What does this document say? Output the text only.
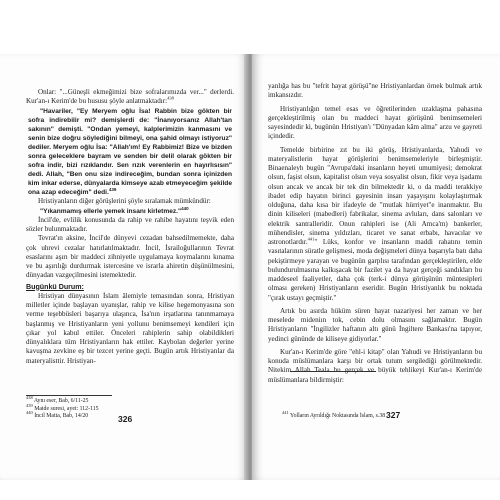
Onlar: "...Güneşli ekmeğimizi bize sofralarımızda ver..." derlerdi. Kur'an-ı Kerim'de bu hususu şöyle anlatmaktadır:$^{438}$

"Havariler, "Ey Meryem oğlu İsa! Rabbin bize gökten bir sofra indirebilir mi? demişlerdi de: "İnanıyorsanız Allah'tan sakının" demişti. "Ondan yemeyi, kalplerimizin kanmasını ve senin bize doğru söylediğini bilmeyi, ona şahid olmayı istiyoruz" dediler. Meryem oğlu İsa: "Allah'ım! Ey Rabbimiz! Bize ve bizden sonra geleceklere bayram ve senden bir delil olarak gökten bir sofra indir, bizi rızıklandır. Sen rızık verenlerin en hayırlısısın" dedi. Allah, "Ben onu size indireceğim, bundan sonra içinizden kim inkar ederse, dünyalarda kimseye azab etmeyeceğim şekilde ona azap edeceğim" dedi.$^{439}$

Hristiyanların diğer görüşlerini şöyle sıralamak mümkündür:

"Yıkanmamış ellerle yemek insanı kirletmez."$^{440}$

İncil'de, evlilik konusunda da rahip ve rahibe hayatını teşvik eden sözler bulunmaktadır.

Tevrat'ın aksine, İncil'de dünyevi cezadan bahsedilmemekte, daha çok uhrevi cezalar hatırlatılmaktadır. İncil, İsrailoğullarının Tevrat esaslarını aşırı bir maddeci zihniyetle uygulamaya koymalarını kınama ve bu aşırılığı durdurmak istercesine ve israrla ahiretin düşünülmesini, dünyadan vazgeçilmesini istemektedir.

Bugünkü Durum:

Hristiyan dünyasının İslam âlemiyle temasından sonra, Hristiyan milletler içinde başlayan uyanışlar, rahip ve kilise hegemonyasına son verme teşebbüsleri başarıya ulaşınca, İsa'nın irşatlarına tanınmamaya başlanmış ve Hristiyanların yeni yollunu benimsemeyi kendileri için çıkar yol kabul ettiler. Önceleri rahiplerin sahip olabildikleri dünyalıklara tüm Hristiyanların hak ettiler. Kaybolan değerler yerine kavuşma zevkine eş bir tezcet yerine geçti. Bugün artık Hristiyanlar da materyalisttir. Hristiyan-

$^{438}$ Aynı eser, Bab, 6/11-25
$^{439}$ Maide suresi, ayet: 112-115
$^{440}$ İncil Matta, Bab, 14/20	326

yanlığa has bu "tefrit hayat görüşü"ne Hristiyanlardan örnek bulmak artık imkansızdır.

Hristiyanlığın temel esas ve öğretilerinden uzaklaşma pahasına gerçekleştirilmiş olan bu maddeci hayat görüşünü benimsemeleri sayesindedir ki, bugünün Hristiyan'ı "Dünyadan kâm alma" arzu ve gayreti içindedir.

Temelde birbirine zıt bu iki görüş, Hristiyanlarda, Yahudi ve materyalistlerin hayat görüşlerini benimsemeleriyle birleşmiştir. Binaenaleyh bugün "Avrupa'daki insanların heyeti umumiyesi; demokrat olsun, faşist olsun, kapitalist olsun veya sosyalist olsun, fikir veya işadamı olsun ancak ve ancak bir tek din bilmektedir ki, o da maddi terakkiye ibadet edip hayatın birinci gayesinin insan yaşayışını kolaylaştırmak olduğuna, daha kısa bir ifadeyle de "mutlak hürriyet"e inanmaktır. Bu dinin kiliseleri (mabedleri) fabrikalar, sinema avluları, dans salonları ve elektrik santralleridir. Onun rahipleri ise (Ali Amca'm) bankerler, mühendisler, sinema yıldızları, ticaret ve sanat erbabı, havacılar ve astronotlardır.$^{441}$" Lüks, konfor ve insanların maddi rahatını temin vasıtalarının süratle gelişmesi, moda değişmeleri dünya başarıyla batı daha pekiştirmeye yarayan ve bugünün garplısı tarafından gerçekleştirilen, elde bulundurulmasına kalkışacak bir fazilet ya da hayat gerçeği sandıkları bu maddeseel faaliyetler, daha çok (terk-i dünya görüşünün müntesipleri olması gereken) Hristiyanların eseridir. Bugün Hristiyanlık bu noktada "çırak ustayı geçmiştir."

Artık bu asırda hüküm süren hayat nazariyesi her zaman ve her meselede mideniın tok, cebin dolu olmasını sağlamaktır. Bugün Hristiyanların "İngilizler haftanın altı günü İngiltere Bankası'na tapıyor, yedinci gününde de kiliseye gidiyorlar."

Kur'an-ı Kerim'de göre "ehl-i kitap" olan Yahudi ve Hristiyanların bu konuda müslümanlara karşı bir ortak tutum sergilediği görülmektedir. Nitekim Allah Teala bu gerçek ve büyük tehlikeyi Kur'an-ı Kerim'de müslümanlara bildirmiştir:

$^{441}$ Yolların Ayrıldığı Noktasında İslam, s.38 327
